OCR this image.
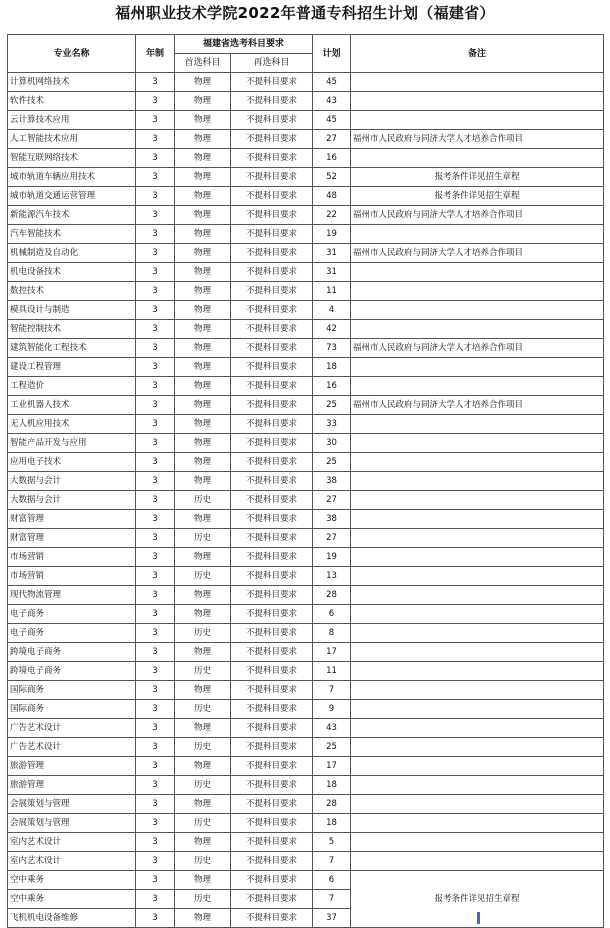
福州职业技术学院2022年普通专科招生计划（福建省）
专业名称	年制	福建省选考科目要求		计划	备注
		首选科目	再选科目		
计算机网络技术	3	物理	不提科目要求	45	
软件技术	3	物理	不提科目要求	43	
云计算技术应用	3	物理	不提科目要求	45	
人工智能技术应用	3	物理	不提科目要求	27	福州市人民政府与同济大学人才培养合作项目
智能互联网络技术	3	物理	不提科目要求	16	
城市轨道车辆应用技术	3	物理	不提科目要求	52	报考条件详见招生章程
城市轨道交通运营管理	3	物理	不提科目要求	48	报考条件详见招生章程
新能源汽车技术	3	物理	不提科目要求	22	福州市人民政府与同济大学人才培养合作项目
汽车智能技术	3	物理	不提科目要求	19	
机械制造及自动化	3	物理	不提科目要求	31	福州市人民政府与同济大学人才培养合作项目
机电设备技术	3	物理	不提科目要求	31	
数控技术	3	物理	不提科目要求	11	
模具设计与制造	3	物理	不提科目要求	4	
智能控制技术	3	物理	不提科目要求	42	
建筑智能化工程技术	3	物理	不提科目要求	73	福州市人民政府与同济大学人才培养合作项目
建设工程管理	3	物理	不提科目要求	18	
工程造价	3	物理	不提科目要求	16	
工业机器人技术	3	物理	不提科目要求	25	福州市人民政府与同济大学人才培养合作项目
无人机应用技术	3	物理	不提科目要求	33	
智能产品开发与应用	3	物理	不提科目要求	30	
应用电子技术	3	物理	不提科目要求	25	
大数据与会计	3	物理	不提科目要求	38	
大数据与会计	3	历史	不提科目要求	27	
财富管理	3	物理	不提科目要求	38	
财富管理	3	历史	不提科目要求	27	
市场营销	3	物理	不提科目要求	19	
市场营销	3	历史	不提科目要求	13	
现代物流管理	3	物理	不提科目要求	28	
电子商务	3	物理	不提科目要求	6	
电子商务	3	历史	不提科目要求	8	
跨境电子商务	3	物理	不提科目要求	17	
跨境电子商务	3	历史	不提科目要求	11	
国际商务	3	物理	不提科目要求	7	
国际商务	3	历史	不提科目要求	9	
广告艺术设计	3	物理	不提科目要求	43	
广告艺术设计	3	历史	不提科目要求	25	
旅游管理	3	物理	不提科目要求	17	
旅游管理	3	历史	不提科目要求	18	
会展策划与管理	3	物理	不提科目要求	28	
会展策划与管理	3	历史	不提科目要求	18	
室内艺术设计	3	物理	不提科目要求	5	
室内艺术设计	3	历史	不提科目要求	7	
空中乘务	3	物理	不提科目要求	6	报考条件详见招生章程
空中乘务	3	历史	不提科目要求	7	
飞机机电设备维修	3	物理	不提科目要求	37	
